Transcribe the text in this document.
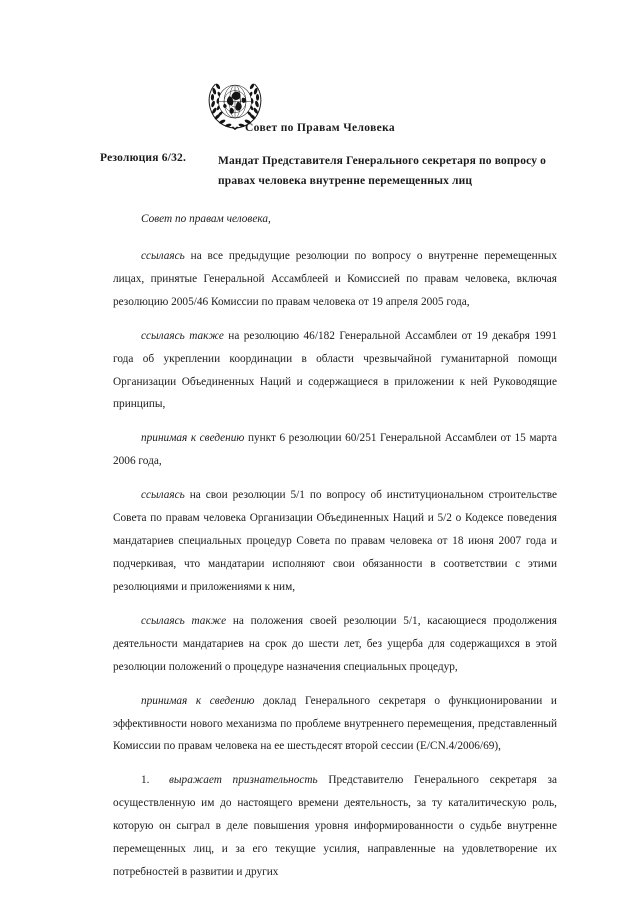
Совет по Правам Человека
Резолюция 6/32.	Мандат Представителя Генерального секретаря по вопросу о правах человека внутренне перемещенных лиц

Совет по правам человека,

ссылаясь на все предыдущие резолюции по вопросу о внутренне перемещенных лицах, принятые Генеральной Ассамблеей и Комиссией по правам человека, включая резолюцию 2005/46 Комиссии по правам человека от 19 апреля 2005 года,

ссылаясь также на резолюцию 46/182 Генеральной Ассамблеи от 19 декабря 1991 года об укреплении координации в области чрезвычайной гуманитарной помощи Организации Объединенных Наций и содержащиеся в приложении к ней Руководящие принципы,

принимая к сведению пункт 6 резолюции 60/251 Генеральной Ассамблеи от 15 марта 2006 года,

ссылаясь на свои резолюции 5/1 по вопросу об институциональном строительстве Совета по правам человека Организации Объединенных Наций и 5/2 о Кодексе поведения мандатариев специальных процедур Совета по правам человека от 18 июня 2007 года и подчеркивая, что мандатарии исполняют свои обязанности в соответствии с этими резолюциями и приложениями к ним,

ссылаясь также на положения своей резолюции 5/1, касающиеся продолжения деятельности мандатариев на срок до шести лет, без ущерба для содержащихся в этой резолюции положений о процедуре назначения специальных процедур,

принимая к сведению доклад Генерального секретаря о функционировании и эффективности нового механизма по проблеме внутреннего перемещения, представленный Комиссии по правам человека на ее шестьдесят второй сессии (E/CN.4/2006/69),

1. выражает признательность Представителю Генерального секретаря за осуществленную им до настоящего времени деятельность, за ту каталитическую роль, которую он сыграл в деле повышения уровня информированности о судьбе внутренне перемещенных лиц, и за его текущие усилия, направленные на удовлетворение их потребностей в развитии и других
